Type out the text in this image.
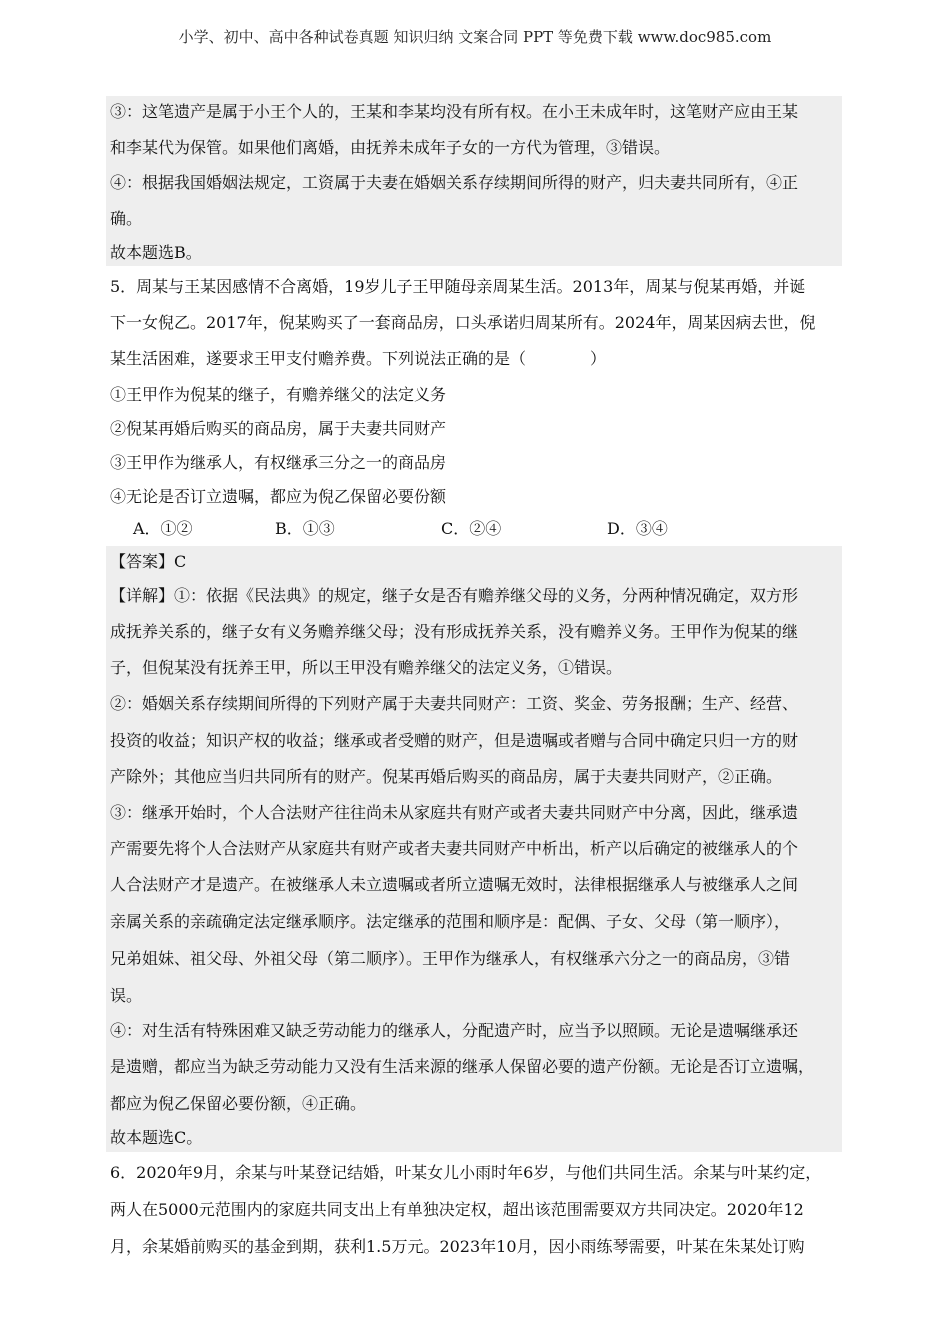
小学、初中、高中各种试卷真题 知识归纳 文案合同 PPT 等免费下载 www.doc985.com
③：这笔遗产是属于小王个人的，王某和李某均没有所有权。在小王未成年时，这笔财产应由王某
和李某代为保管。如果他们离婚，由抚养未成年子女的一方代为管理，③错误。
④：根据我国婚姻法规定，工资属于夫妻在婚姻关系存续期间所得的财产，归夫妻共同所有，④正
确。
故本题选B。
5．周某与王某因感情不合离婚，19岁儿子王甲随母亲周某生活。2013年，周某与倪某再婚，并诞
下一女倪乙。2017年，倪某购买了一套商品房，口头承诺归周某所有。2024年，周某因病去世，倪
某生活困难，遂要求王甲支付赡养费。下列说法正确的是（　　　　）
①王甲作为倪某的继子，有赡养继父的法定义务
②倪某再婚后购买的商品房，属于夫妻共同财产
③王甲作为继承人，有权继承三分之一的商品房
④无论是否订立遗嘱，都应为倪乙保留必要份额
A．①②	B．①③	C．②④	D．③④
【答案】C
【详解】①：依据《民法典》的规定，继子女是否有赡养继父母的义务，分两种情况确定，双方形
成抚养关系的，继子女有义务赡养继父母；没有形成抚养关系，没有赡养义务。王甲作为倪某的继
子，但倪某没有抚养王甲，所以王甲没有赡养继父的法定义务，①错误。
②：婚姻关系存续期间所得的下列财产属于夫妻共同财产：工资、奖金、劳务报酬；生产、经营、
投资的收益；知识产权的收益；继承或者受赠的财产，但是遗嘱或者赠与合同中确定只归一方的财
产除外；其他应当归共同所有的财产。倪某再婚后购买的商品房，属于夫妻共同财产，②正确。
③：继承开始时，个人合法财产往往尚未从家庭共有财产或者夫妻共同财产中分离，因此，继承遗
产需要先将个人合法财产从家庭共有财产或者夫妻共同财产中析出，析产以后确定的被继承人的个
人合法财产才是遗产。在被继承人未立遗嘱或者所立遗嘱无效时，法律根据继承人与被继承人之间
亲属关系的亲疏确定法定继承顺序。法定继承的范围和顺序是：配偶、子女、父母（第一顺序），
兄弟姐妹、祖父母、外祖父母（第二顺序）。王甲作为继承人，有权继承六分之一的商品房，③错
误。
④：对生活有特殊困难又缺乏劳动能力的继承人，分配遗产时，应当予以照顾。无论是遗嘱继承还
是遗赠，都应当为缺乏劳动能力又没有生活来源的继承人保留必要的遗产份额。无论是否订立遗嘱，
都应为倪乙保留必要份额，④正确。
故本题选C。
6．2020年9月，余某与叶某登记结婚，叶某女儿小雨时年6岁，与他们共同生活。余某与叶某约定，
两人在5000元范围内的家庭共同支出上有单独决定权，超出该范围需要双方共同决定。2020年12
月，余某婚前购买的基金到期，获利1.5万元。2023年10月，因小雨练琴需要，叶某在朱某处订购
